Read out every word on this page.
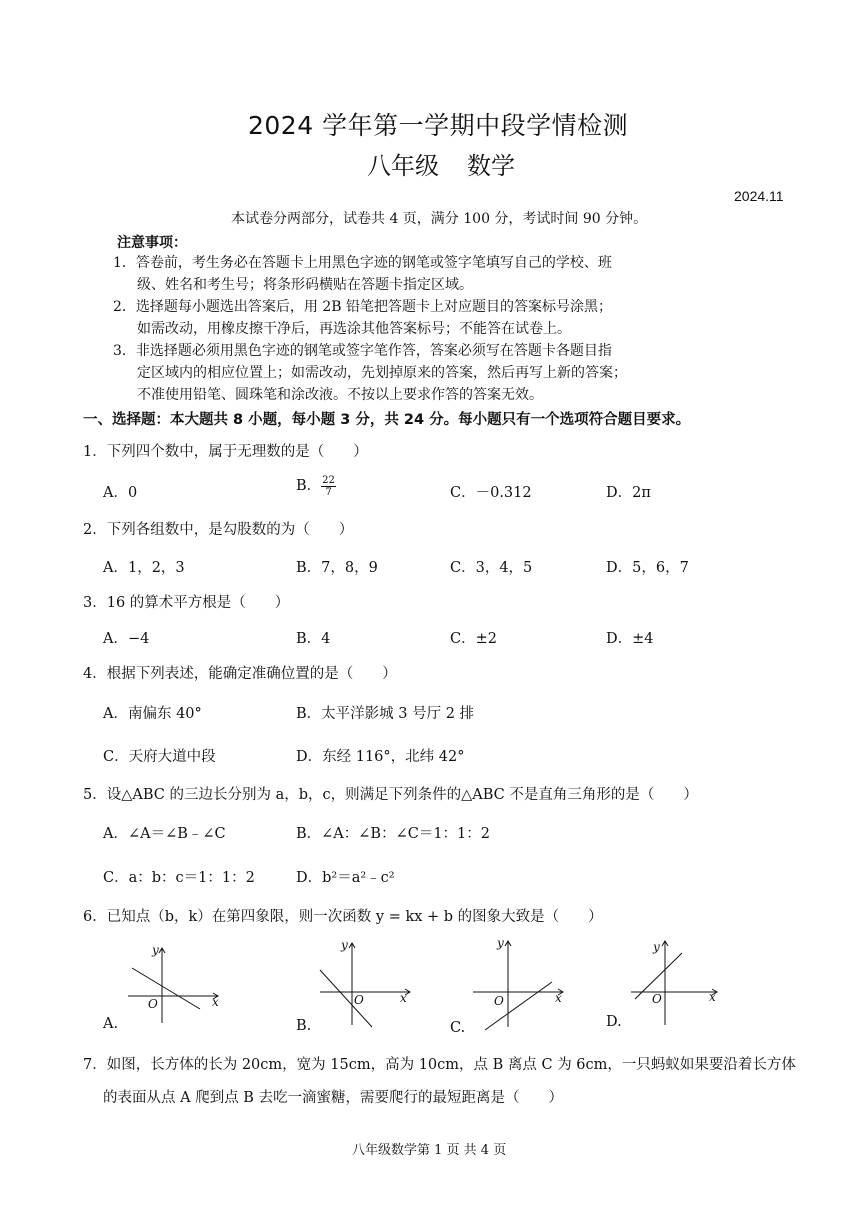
2024 学年第一学期中段学情检测
八年级 数学
2024.11
本试卷分两部分，试卷共 4 页，满分 100 分，考试时间 90 分钟。
注意事项：
1．答卷前，考生务必在答题卡上用黑色字迹的钢笔或签字笔填写自己的学校、班
级、姓名和考生号；将条形码横贴在答题卡指定区域。
2．选择题每小题选出答案后，用 2B 铅笔把答题卡上对应题目的答案标号涂黑；
如需改动，用橡皮擦干净后，再选涂其他答案标号；不能答在试卷上。
3．非选择题必须用黑色字迹的钢笔或签字笔作答，答案必须写在答题卡各题目指
定区域内的相应位置上；如需改动，先划掉原来的答案，然后再写上新的答案；
不准使用铅笔、圆珠笔和涂改液。不按以上要求作答的答案无效。
一、选择题：本大题共 8 小题，每小题 3 分，共 24 分。每小题只有一个选项符合题目要求。
1．下列四个数中，属于无理数的是（　　）
A．0	B． $\frac{22}{7}$	C．－0.312	D．2π
2．下列各组数中，是勾股数的为（　　）
A．1，2，3	B．7，8，9	C．3，4，5	D．5，6，7
3．16 的算术平方根是（　　）
A．−4	B．4	C．±2	D．±4
4．根据下列表述，能确定准确位置的是（　　）
A．南偏东 40°	B．太平洋影城 3 号厅 2 排
C．天府大道中段	D．东经 116°，北纬 42°
5．设△ABC 的三边长分别为 a，b，c，则满足下列条件的△ABC 不是直角三角形的是（　　）
A．∠A＝∠B﹣∠C	B．∠A：∠B：∠C＝1：1：2
C．a：b：c＝1：1：2	D．b²＝a²﹣c²
6．已知点（b，k）在第四象限，则一次函数 y = kx + b 的图象大致是（　　）
y
x
O
A.
y
x
O
B.
y
x
O
C.
y
x
O
D.
7．如图，长方体的长为 20cm，宽为 15cm，高为 10cm，点 B 离点 C 为 6cm，一只蚂蚁如果要沿着长方体
的表面从点 A 爬到点 B 去吃一滴蜜糖，需要爬行的最短距离是（　　）
八年级数学第 1 页 共 4 页
